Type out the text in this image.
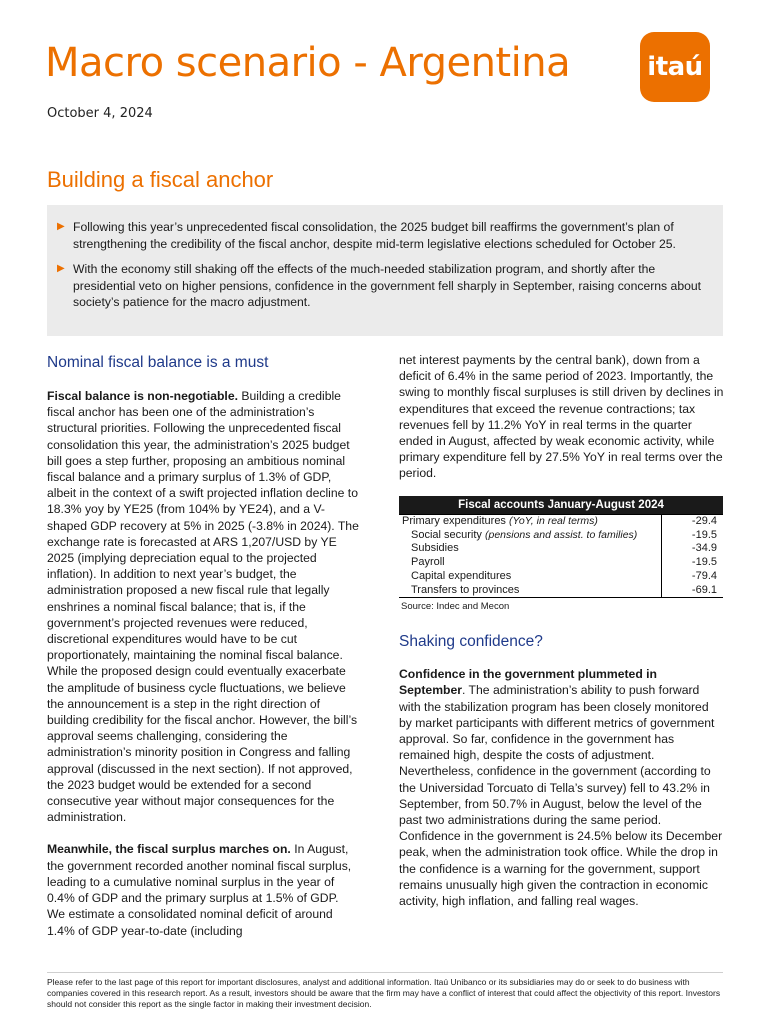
Macro scenario - Argentina	itaú
October 4, 2024
Building a fiscal anchor
▶ Following this year’s unprecedented fiscal consolidation, the 2025 budget bill reaffirms the government’s plan of strengthening the credibility of the fiscal anchor, despite mid-term legislative elections scheduled for October 25.
▶ With the economy still shaking off the effects of the much-needed stabilization program, and shortly after the presidential veto on higher pensions, confidence in the government fell sharply in September, raising concerns about society’s patience for the macro adjustment.
Nominal fiscal balance is a must

Fiscal balance is non-negotiable. Building a credible fiscal anchor has been one of the administration’s structural priorities. Following the unprecedented fiscal consolidation this year, the administration’s 2025 budget bill goes a step further, proposing an ambitious nominal fiscal balance and a primary surplus of 1.3% of GDP, albeit in the context of a swift projected inflation decline to 18.3% yoy by YE25 (from 104% by YE24), and a V-shaped GDP recovery at 5% in 2025 (-3.8% in 2024). The exchange rate is forecasted at ARS 1,207/USD by YE 2025 (implying depreciation equal to the projected inflation). In addition to next year’s budget, the administration proposed a new fiscal rule that legally enshrines a nominal fiscal balance; that is, if the government’s projected revenues were reduced, discretional expenditures would have to be cut proportionately, maintaining the nominal fiscal balance. While the proposed design could eventually exacerbate the amplitude of business cycle fluctuations, we believe the announcement is a step in the right direction of building credibility for the fiscal anchor. However, the bill’s approval seems challenging, considering the administration’s minority position in Congress and falling approval (discussed in the next section). If not approved, the 2023 budget would be extended for a second consecutive year without major consequences for the administration.

Meanwhile, the fiscal surplus marches on. In August, the government recorded another nominal fiscal surplus, leading to a cumulative nominal surplus in the year of 0.4% of GDP and the primary surplus at 1.5% of GDP. We estimate a consolidated nominal deficit of around 1.4% of GDP year-to-date (including

net interest payments by the central bank), down from a deficit of 6.4% in the same period of 2023. Importantly, the swing to monthly fiscal surpluses is still driven by declines in expenditures that exceed the revenue contractions; tax revenues fell by 11.2% YoY in real terms in the quarter ended in August, affected by weak economic activity, while primary expenditure fell by 27.5% YoY in real terms over the period.

Fiscal accounts January-August 2024	
Primary expenditures (YoY, in real terms)	-29.4
Social security (pensions and assist. to families)	-19.5
Subsidies	-34.9
Payroll	-19.5
Capital expenditures	-79.4
Transfers to provinces	-69.1
Source: Indec and Mecon
Shaking confidence?

Confidence in the government plummeted in September. The administration’s ability to push forward with the stabilization program has been closely monitored by market participants with different metrics of government approval. So far, confidence in the government has remained high, despite the costs of adjustment. Nevertheless, confidence in the government (according to the Universidad Torcuato di Tella’s survey) fell to 43.2% in September, from 50.7% in August, below the level of the past two administrations during the same period. Confidence in the government is 24.5% below its December peak, when the administration took office. While the drop in the confidence is a warning for the government, support remains unusually high given the contraction in economic activity, high inflation, and falling real wages.

Please refer to the last page of this report for important disclosures, analyst and additional information. Itaú Unibanco or its subsidiaries may do or seek to do business with companies covered in this research report. As a result, investors should be aware that the firm may have a conflict of interest that could affect the objectivity of this report. Investors should not consider this report as the single factor in making their investment decision.
